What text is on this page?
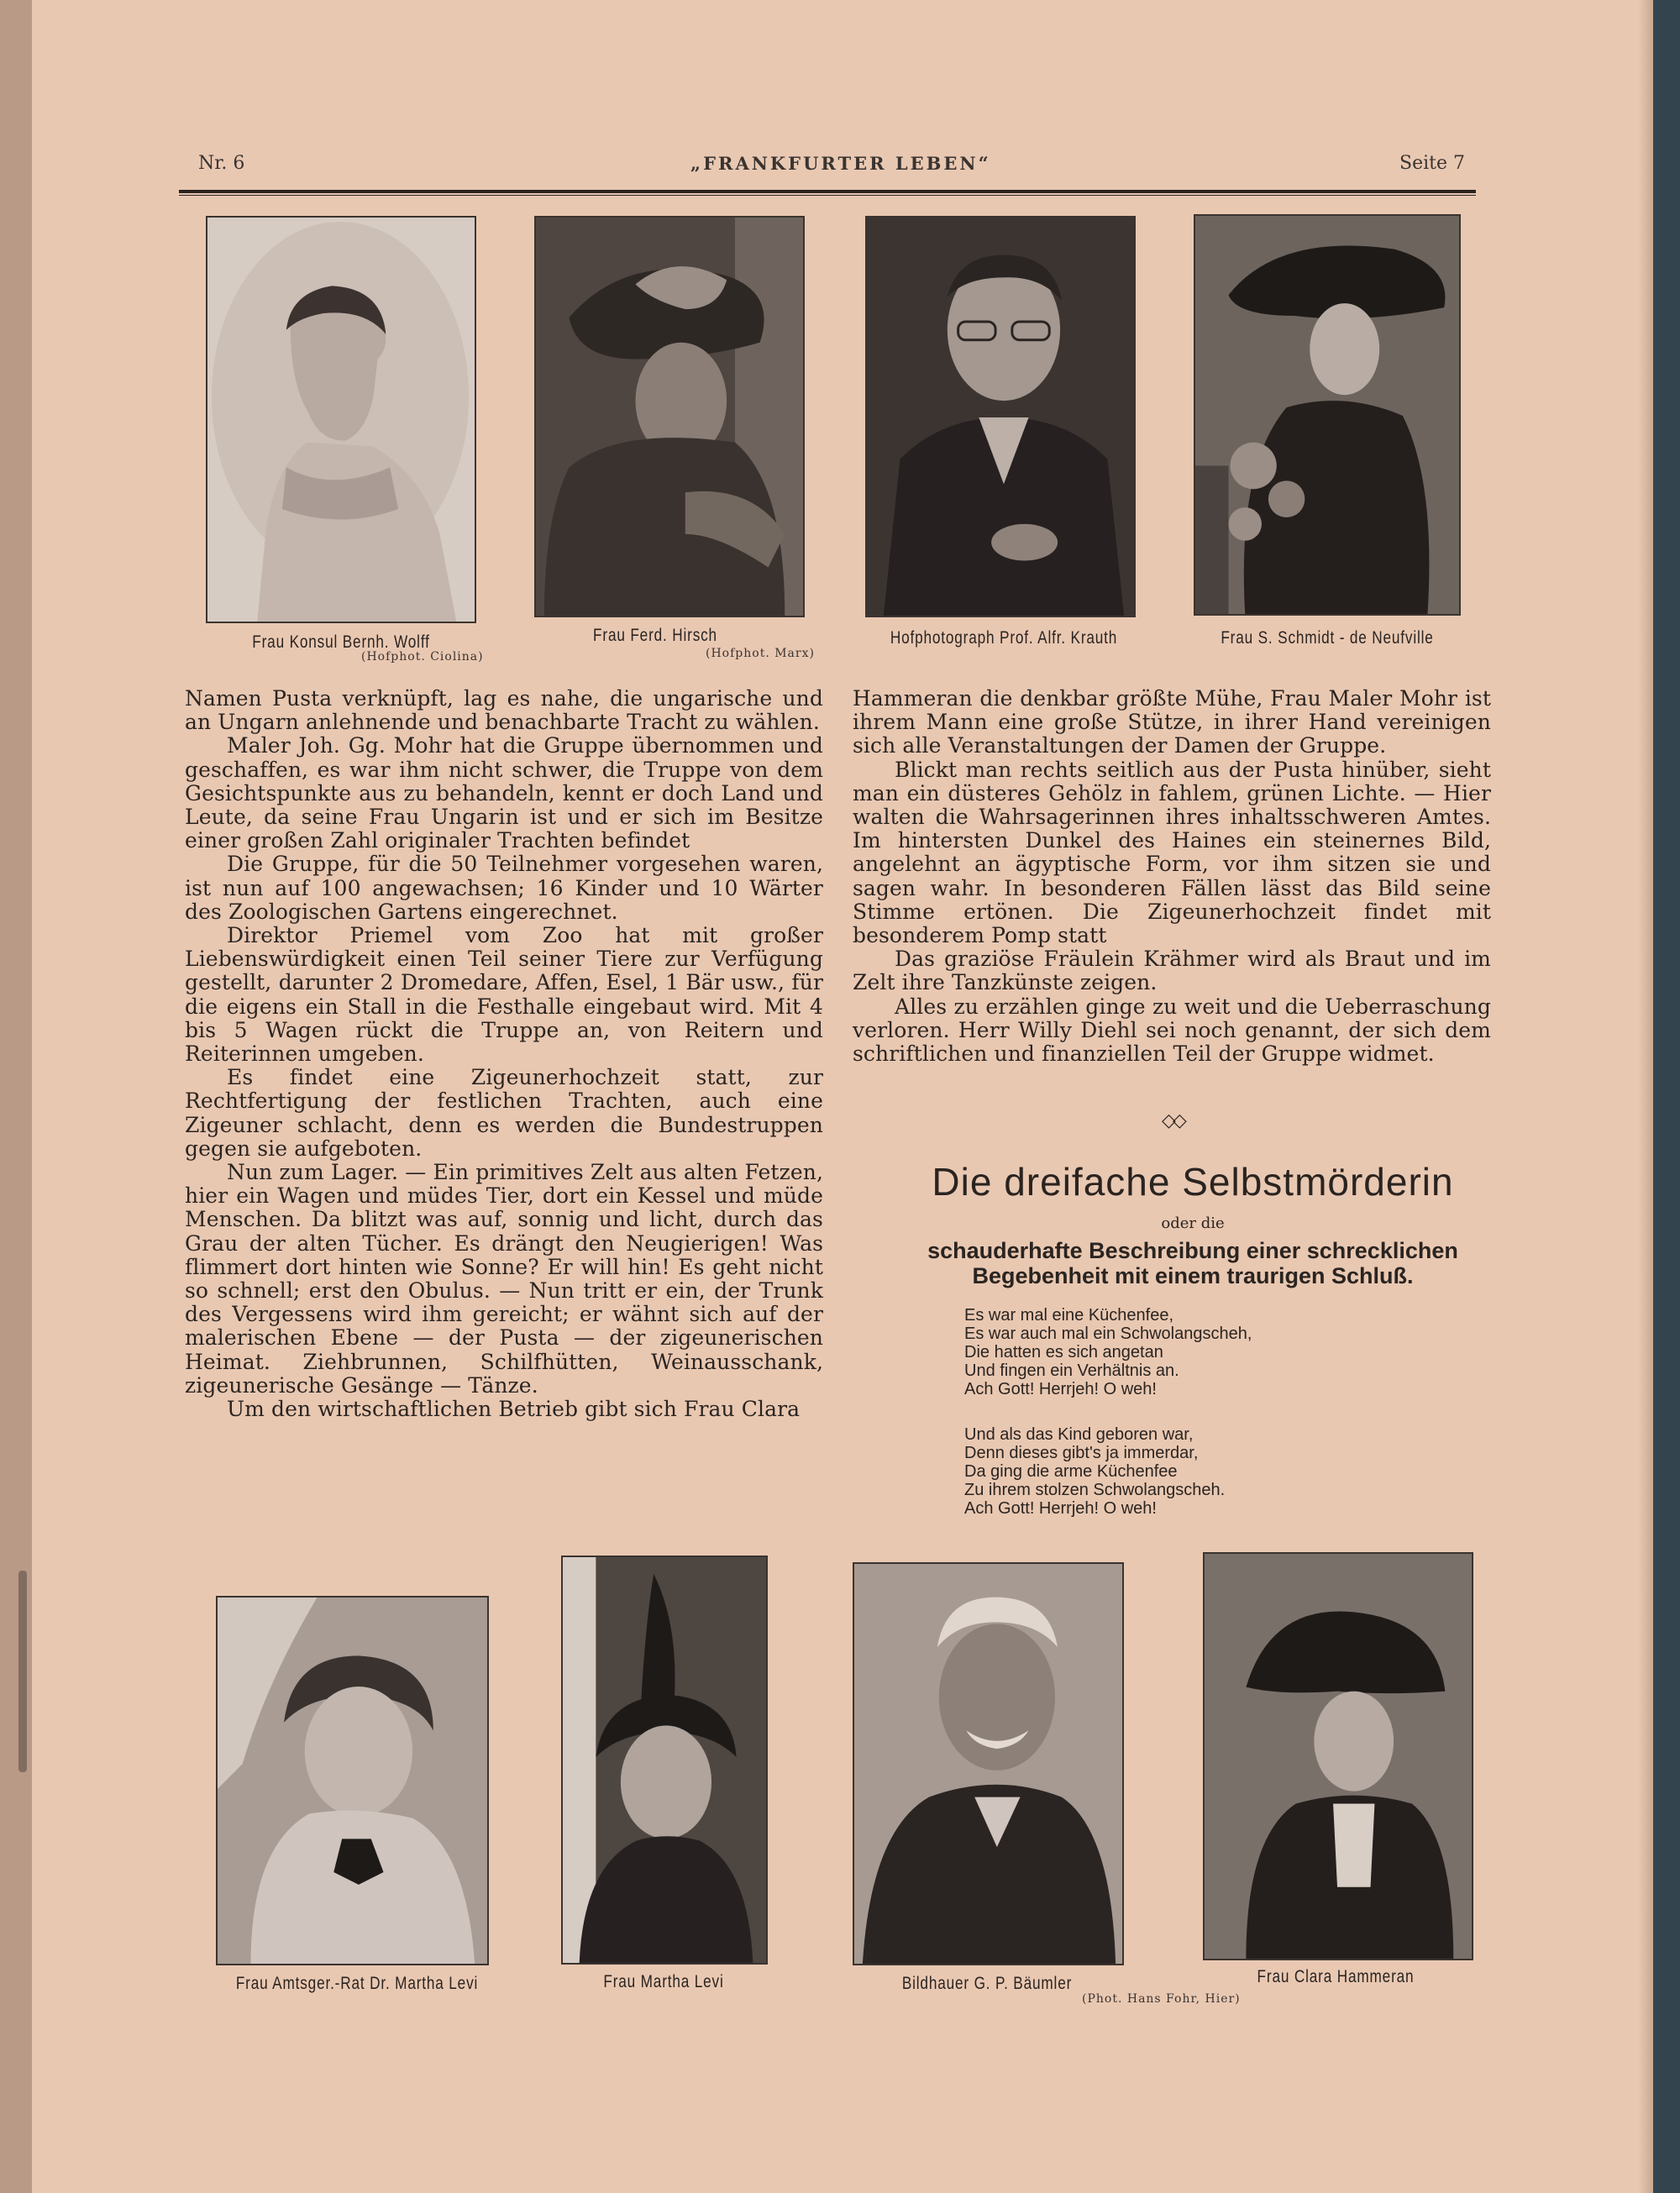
Nr. 6	„FRANKFURTER LEBEN“	Seite 7
Frau Konsul Bernh. Wolff
(Hofphot. Ciolina)
Frau Ferd. Hirsch
(Hofphot. Marx)
Hofphotograph Prof. Alfr. Krauth	Frau S. Schmidt - de Neufville

Namen Pusta verknüpft, lag es nahe, die ungarische und an Ungarn anlehnende und benachbarte Tracht zu wählen.

Maler Joh. Gg. Mohr hat die Gruppe übernommen und geschaffen, es war ihm nicht schwer, die Truppe von dem Gesichtspunkte aus zu behandeln, kennt er doch Land und Leute, da seine Frau Ungarin ist und er sich im Besitze einer großen Zahl originaler Trachten befindet

Die Gruppe, für die 50 Teilnehmer vorgesehen waren, ist nun auf 100 angewachsen; 16 Kinder und 10 Wärter des Zoologischen Gartens eingerechnet.

Direktor Priemel vom Zoo hat mit großer Liebenswürdigkeit einen Teil seiner Tiere zur Verfügung gestellt, darunter 2 Dromedare, Affen, Esel, 1 Bär usw., für die eigens ein Stall in die Festhalle eingebaut wird. Mit 4 bis 5 Wagen rückt die Truppe an, von Reitern und Reiterinnen umgeben.

Es findet eine Zigeunerhochzeit statt, zur Rechtfertigung der festlichen Trachten, auch eine Zigeuner schlacht, denn es werden die Bundestruppen gegen sie aufgeboten.

Nun zum Lager. — Ein primitives Zelt aus alten Fetzen, hier ein Wagen und müdes Tier, dort ein Kessel und müde Menschen. Da blitzt was auf, sonnig und licht, durch das Grau der alten Tücher. Es drängt den Neugierigen! Was flimmert dort hinten wie Sonne? Er will hin! Es geht nicht so schnell; erst den Obulus. — Nun tritt er ein, der Trunk des Vergessens wird ihm gereicht; er wähnt sich auf der malerischen Ebene — der Pusta — der zigeunerischen Heimat. Ziehbrunnen, Schilfhütten, Weinausschank, zigeunerische Gesänge — Tänze.

Um den wirtschaftlichen Betrieb gibt sich Frau Clara

Hammeran die denkbar größte Mühe, Frau Maler Mohr ist ihrem Mann eine große Stütze, in ihrer Hand vereinigen sich alle Veranstaltungen der Damen der Gruppe.

Blickt man rechts seitlich aus der Pusta hinüber, sieht man ein düsteres Gehölz in fahlem, grünen Lichte. — Hier walten die Wahrsagerinnen ihres inhaltsschweren Amtes. Im hintersten Dunkel des Haines ein steinernes Bild, angelehnt an ägyptische Form, vor ihm sitzen sie und sagen wahr. In besonderen Fällen lässt das Bild seine Stimme ertönen. Die Zigeunerhochzeit findet mit besonderem Pomp statt

Das graziöse Fräulein Krähmer wird als Braut und im Zelt ihre Tanzkünste zeigen.

Alles zu erzählen ginge zu weit und die Ueberraschung verloren. Herr Willy Diehl sei noch genannt, der sich dem schriftlichen und finanziellen Teil der Gruppe widmet.

◇◇
Die dreifache Selbstmörderin
oder die
schauderhafte Beschreibung einer schrecklichen
Begebenheit mit einem traurigen Schluß.
Es war mal eine Küchenfee,
Es war auch mal ein Schwolangscheh,
Die hatten es sich angetan
Und fingen ein Verhältnis an.
Ach Gott! Herrjeh! O weh!
Und als das Kind geboren war,
Denn dieses gibt's ja immerdar,
Da ging die arme Küchenfee
Zu ihrem stolzen Schwolangscheh.
Ach Gott! Herrjeh! O weh!
Frau Amtsger.-Rat Dr. Martha Levi	Frau Martha Levi	Bildhauer G. P. Bäumler	Frau Clara Hammeran
(Phot. Hans Fohr, Hier)
